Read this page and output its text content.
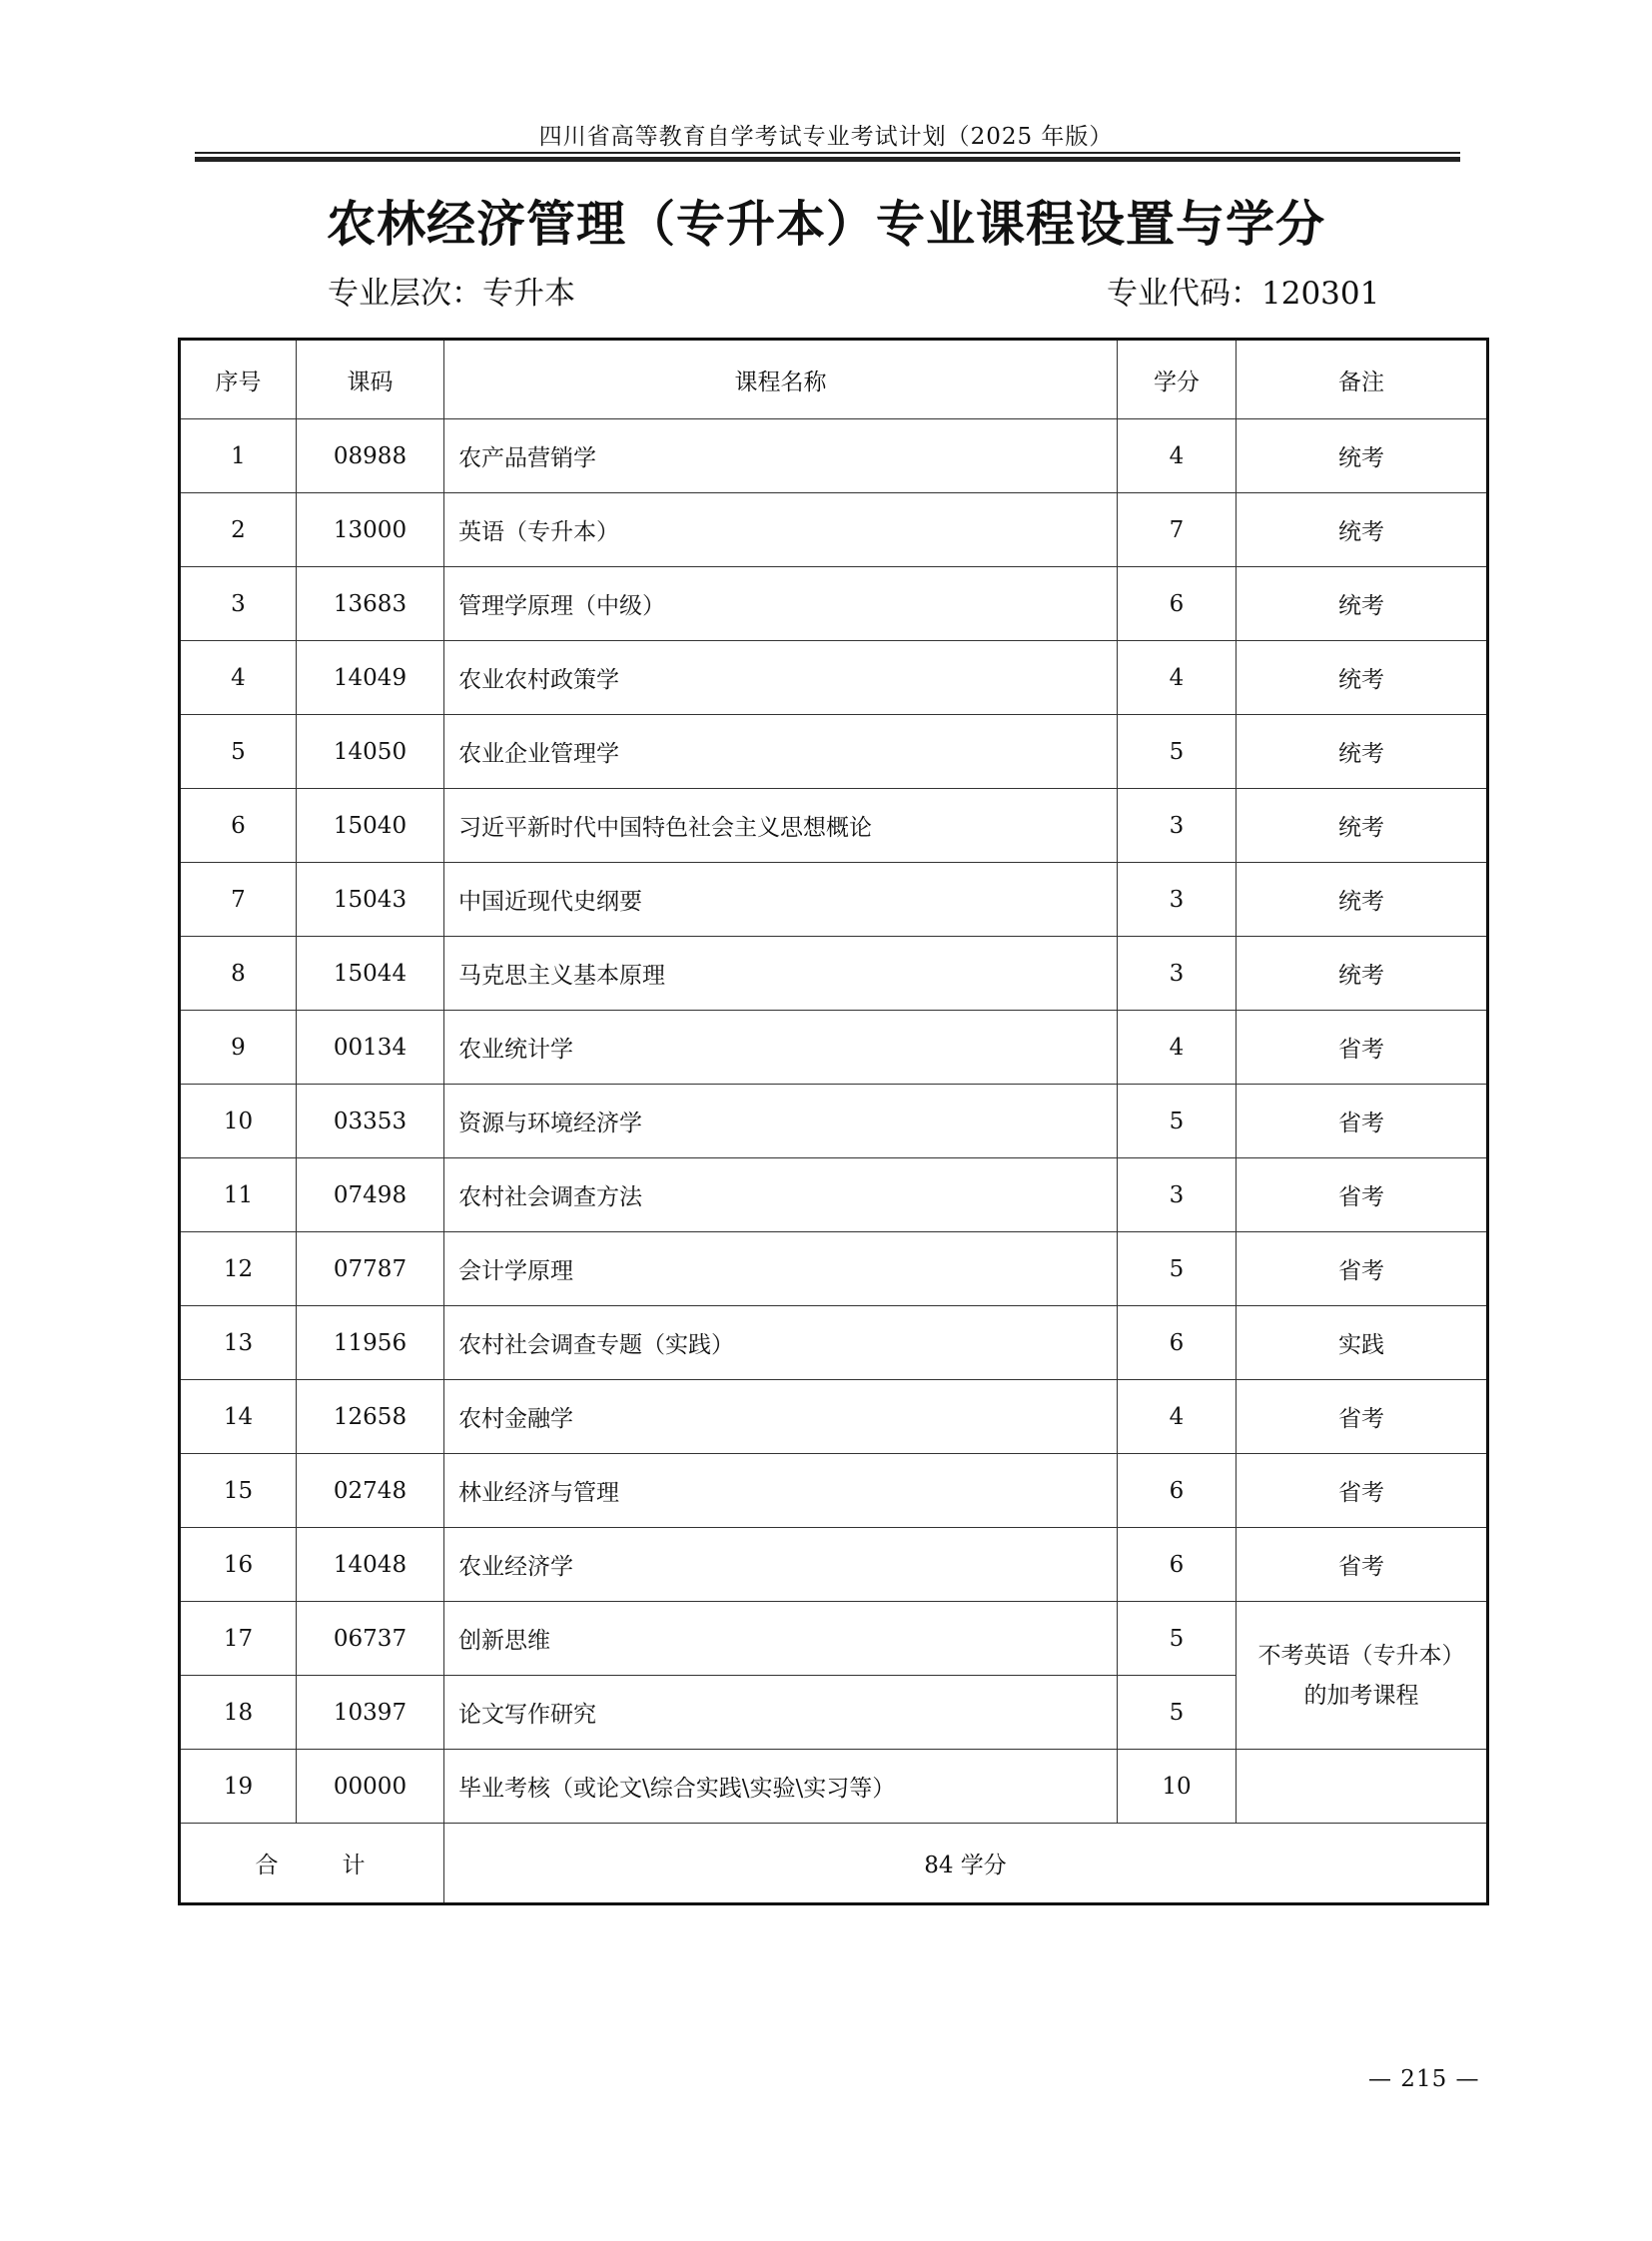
四川省高等教育自学考试专业考试计划（2025 年版）
农林经济管理（专升本）专业课程设置与学分
专业层次：专升本	专业代码：120301
序号	课码	课程名称	学分	备注
1	08988	农产品营销学	4	统考
2	13000	英语（专升本）	7	统考
3	13683	管理学原理（中级）	6	统考
4	14049	农业农村政策学	4	统考
5	14050	农业企业管理学	5	统考
6	15040	习近平新时代中国特色社会主义思想概论	3	统考
7	15043	中国近现代史纲要	3	统考
8	15044	马克思主义基本原理	3	统考
9	00134	农业统计学	4	省考
10	03353	资源与环境经济学	5	省考
11	07498	农村社会调查方法	3	省考
12	07787	会计学原理	5	省考
13	11956	农村社会调查专题（实践）	6	实践
14	12658	农村金融学	4	省考
15	02748	林业经济与管理	6	省考
16	14048	农业经济学	6	省考
17	06737	创新思维	5	不考英语（专升本）
的加考课程

18	10397	论文写作研究	5	
19	00000	毕业考核（或论文\综合实践\实验\实习等）	10	
合计		84 学分		
— 215 —
